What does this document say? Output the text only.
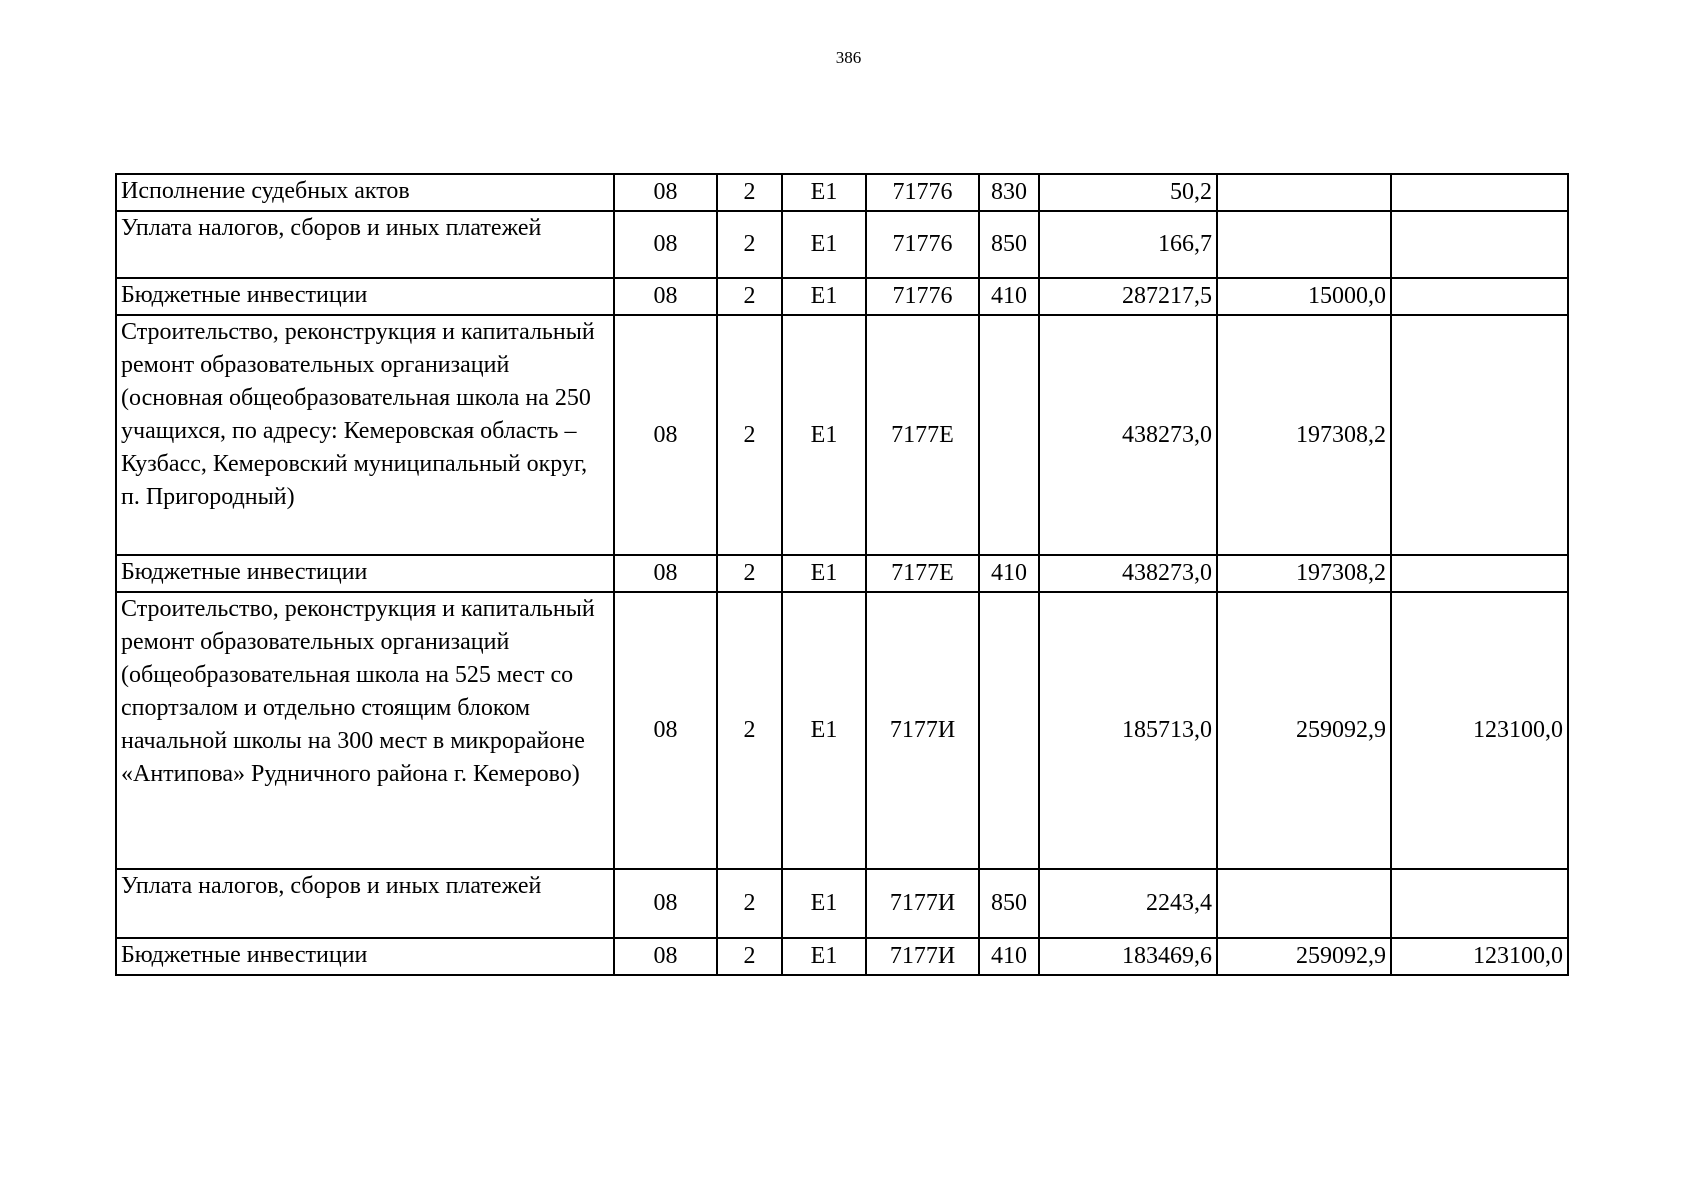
386
Исполнение судебных актов	08	2	Е1	71776	830	50,2		
Уплата налогов, сборов и иных платежей	08	2	Е1	71776	850	166,7		
Бюджетные инвестиции	08	2	Е1	71776	410	287217,5	15000,0	
Строительство, реконструкция и капитальный ремонт образовательных организаций (основная общеобразовательная школа на 250 учащихся, по адресу: Кемеровская область – Кузбасс, Кемеровский муниципальный округ, п. Пригородный)	08	2	Е1	7177Е		438273,0	197308,2	
Бюджетные инвестиции	08	2	Е1	7177Е	410	438273,0	197308,2	
Строительство, реконструкция и капитальный ремонт образовательных организаций (общеобразовательная школа на 525 мест со спортзалом и отдельно стоящим блоком начальной школы на 300 мест в микрорайоне «Антипова» Рудничного района г. Кемерово)	08	2	Е1	7177И		185713,0	259092,9	123100,0
Уплата налогов, сборов и иных платежей	08	2	Е1	7177И	850	2243,4		
Бюджетные инвестиции	08	2	Е1	7177И	410	183469,6	259092,9	123100,0
